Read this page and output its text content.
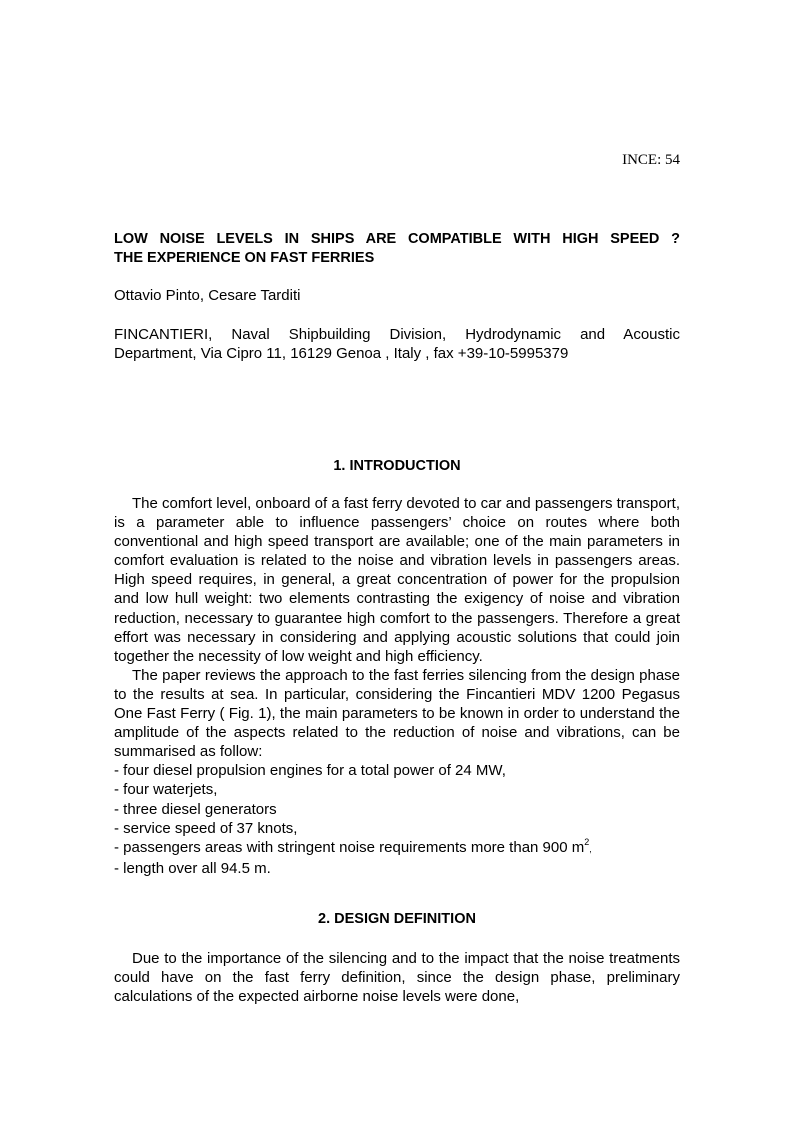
INCE: 54
LOW NOISE LEVELS IN SHIPS ARE COMPATIBLE WITH HIGH SPEED ?
THE EXPERIENCE ON FAST FERRIES
Ottavio Pinto, Cesare Tarditi
FINCANTIERI, Naval Shipbuilding Division, Hydrodynamic and Acoustic
Department, Via Cipro 11, 16129 Genoa , Italy , fax +39-10-5995379
1. INTRODUCTION

The comfort level, onboard of a fast ferry devoted to car and passengers transport, is a parameter able to influence passengers’ choice on routes where both conventional and high speed transport are available; one of the main parameters in comfort evaluation is related to the noise and vibration levels in passengers areas. High speed requires, in general, a great concentration of power for the propulsion and low hull weight: two elements contrasting the exigency of noise and vibration reduction, necessary to guarantee high comfort to the passengers. Therefore a great effort was necessary in considering and applying acoustic solutions that could join together the necessity of low weight and high efficiency.

The paper reviews the approach to the fast ferries silencing from the design phase to the results at sea. In particular, considering the Fincantieri MDV 1200 Pegasus One Fast Ferry ( Fig. 1), the main parameters to be known in order to understand the amplitude of the aspects related to the reduction of noise and vibrations, can be summarised as follow:

- four diesel propulsion engines for a total power of 24 MW,
- four waterjets,
- three diesel generators
- service speed of 37 knots,
- passengers areas with stringent noise requirements more than 900 $m^2$,
- length over all 94.5 m.
2. DESIGN DEFINITION

Due to the importance of the silencing and to the impact that the noise treatments could have on the fast ferry definition, since the design phase, preliminary calculations of the expected airborne noise levels were done,
